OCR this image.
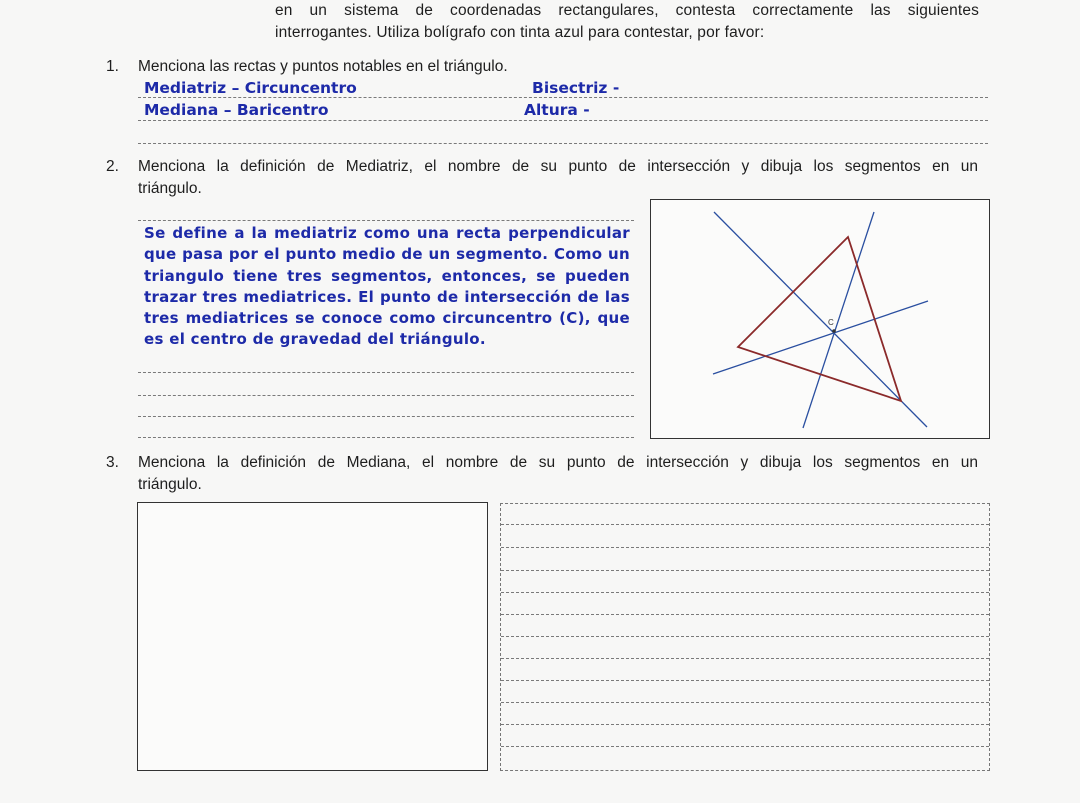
en un sistema de coordenadas rectangulares, contesta correctamente las siguientes
interrogantes. Utiliza bolígrafo con tinta azul para contestar, por favor:
1. Menciona las rectas y puntos notables en el triángulo.
Mediatriz – Circuncentro	Bisectriz -
Mediana – Baricentro	Altura -
2. Menciona la definición de Mediatriz, el nombre de su punto de intersección y dibuja los segmentos en un
triángulo.
Se define a la mediatriz como una recta perpendicular que pasa por el punto medio de un segmento. Como un triangulo tiene tres segmentos, entonces, se pueden trazar tres mediatrices. El punto de intersección de las tres mediatrices se conoce como circuncentro (C), que es el centro de gravedad del triángulo.
C
3. Menciona la definición de Mediana, el nombre de su punto de intersección y dibuja los segmentos en un
triángulo.
